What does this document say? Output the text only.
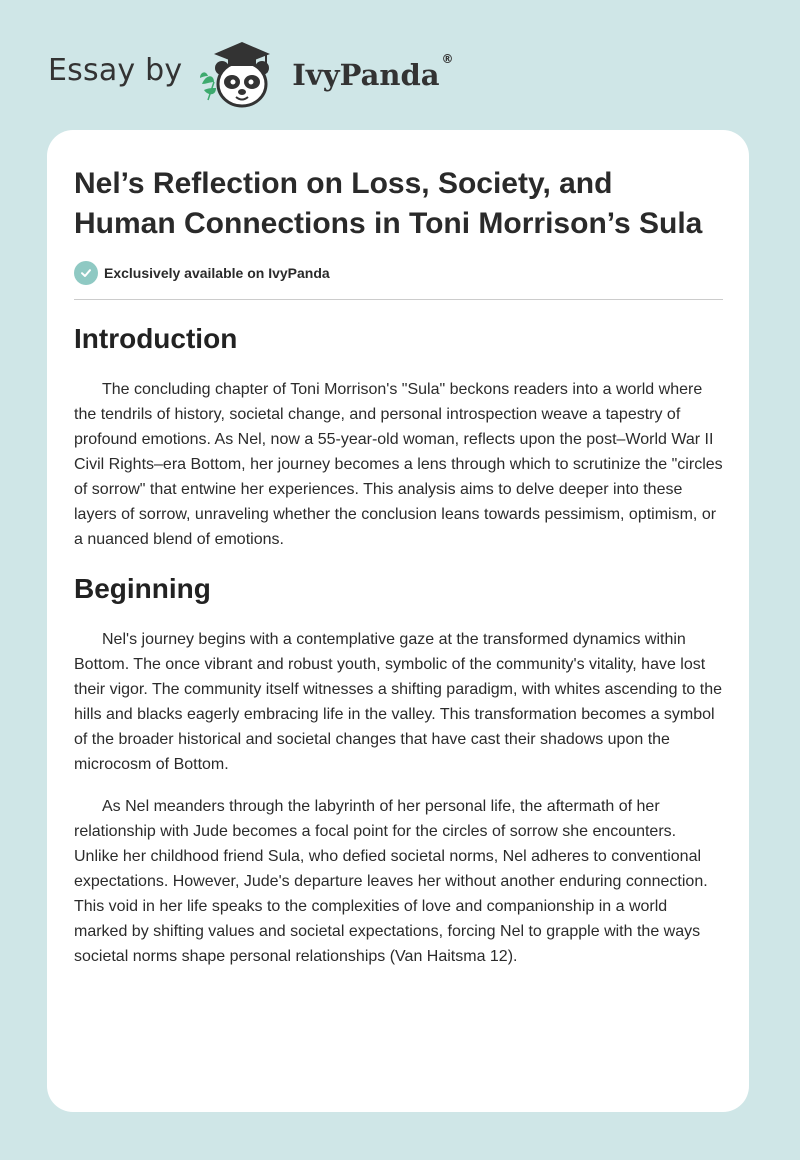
Essay by	IvyPanda ®
Nel’s Reflection on Loss, Society, and Human Connections in Toni Morrison’s Sula
Exclusively available on IvyPanda
Introduction

The concluding chapter of Toni Morrison's "Sula" beckons readers into a world where the tendrils of history, societal change, and personal introspection weave a tapestry of profound emotions. As Nel, now a 55-year-old woman, reflects upon the post–World War II Civil Rights–era Bottom, her journey becomes a lens through which to scrutinize the "circles of sorrow" that entwine her experiences. This analysis aims to delve deeper into these layers of sorrow, unraveling whether the conclusion leans towards pessimism, optimism, or a nuanced blend of emotions.

Beginning

Nel's journey begins with a contemplative gaze at the transformed dynamics within Bottom. The once vibrant and robust youth, symbolic of the community's vitality, have lost their vigor. The community itself witnesses a shifting paradigm, with whites ascending to the hills and blacks eagerly embracing life in the valley. This transformation becomes a symbol of the broader historical and societal changes that have cast their shadows upon the microcosm of Bottom.

As Nel meanders through the labyrinth of her personal life, the aftermath of her relationship with Jude becomes a focal point for the circles of sorrow she encounters. Unlike her childhood friend Sula, who defied societal norms, Nel adheres to conventional expectations. However, Jude's departure leaves her without another enduring connection. This void in her life speaks to the complexities of love and companionship in a world marked by shifting values and societal expectations, forcing Nel to grapple with the ways societal norms shape personal relationships (Van Haitsma 12).
